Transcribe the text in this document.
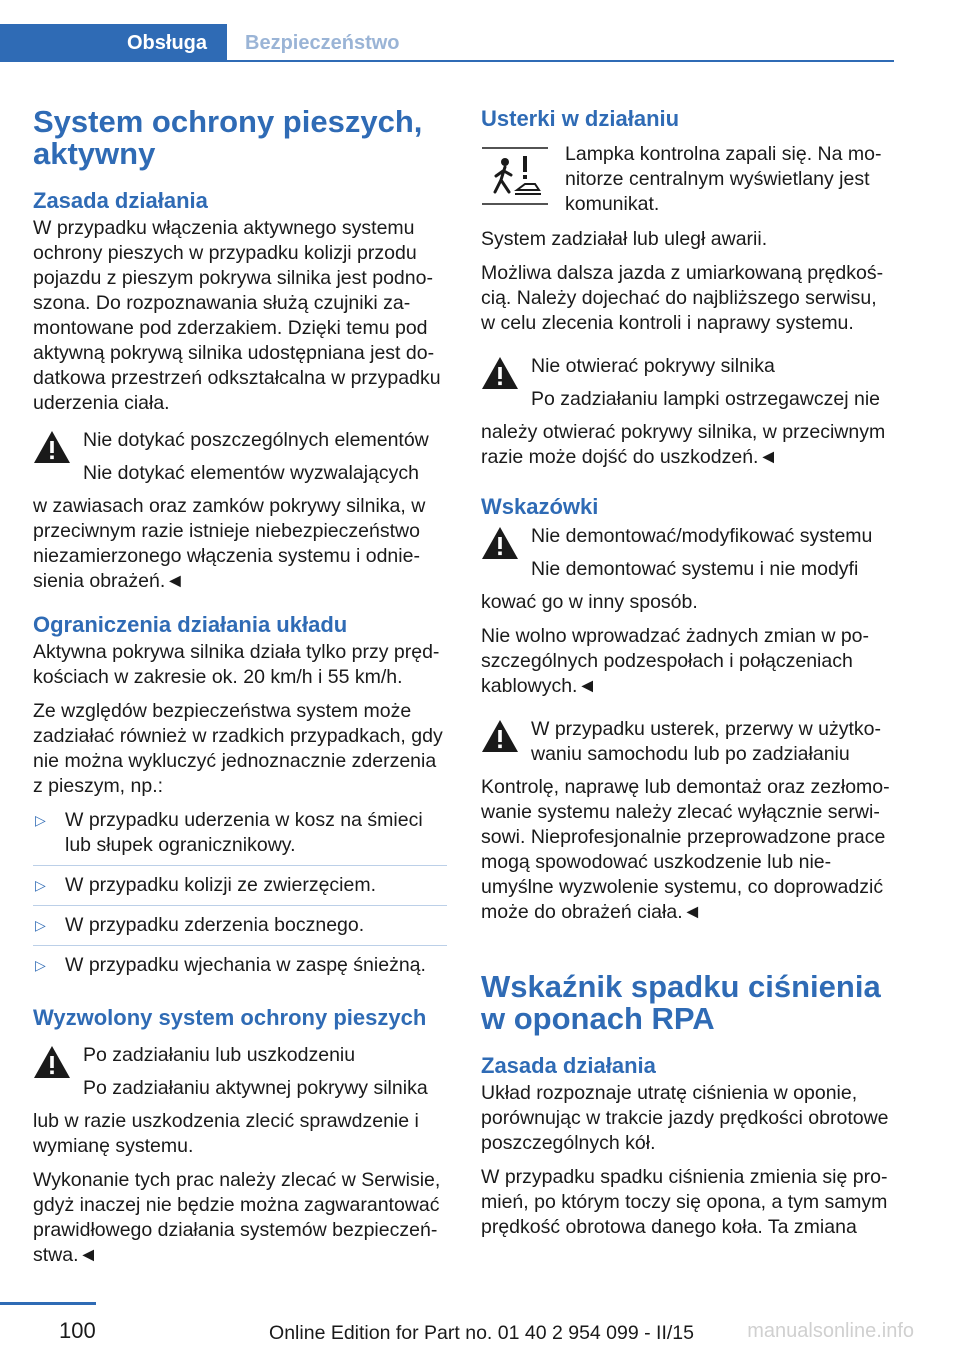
Obsługa	Bezpieczeństwo
System ochrony pieszych, aktywny
Zasada działania

W przypadku włączenia aktywnego systemu ochrony pieszych w przypadku kolizji przodu pojazdu z pieszym pokrywa silnika jest podnoszona. Do rozpoznawania służą czujniki zamontowane pod zderzakiem. Dzięki temu pod aktywną pokrywą silnika udostępniana jest dodatkowa przestrzeń odkształcalna w przypadku uderzenia ciała.

Nie dotykać poszczególnych elementów

Nie dotykać elementów wyzwalających

w zawiasach oraz zamków pokrywy silnika, w przeciwnym razie istnieje niebezpieczeństwo niezamierzonego włączenia systemu i odniesienia obrażeń.◄

Ograniczenia działania układu

Aktywna pokrywa silnika działa tylko przy prędkościach w zakresie ok. 20 km/h i 55 km/h.

Ze względów bezpieczeństwa system może zadziałać również w rzadkich przypadkach, gdy nie można wykluczyć jednoznacznie zderzenia z pieszym, np.:

▷ W przypadku uderzenia w kosz na śmieci lub słupek ogranicznikowy.
▷ W przypadku kolizji ze zwierzęciem.
▷ W przypadku zderzenia bocznego.
▷ W przypadku wjechania w zaspę śnieżną.
Wyzwolony system ochrony pieszych

Po zadziałaniu lub uszkodzeniu

Po zadziałaniu aktywnej pokrywy silnika

lub w razie uszkodzenia zlecić sprawdzenie i wymianę systemu.

Wykonanie tych prac należy zlecać w Serwisie, gdyż inaczej nie będzie można zagwarantować prawidłowego działania systemów bezpieczeństwa.◄

Usterki w działaniu

Lampka kontrolna zapali się. Na monitorze centralnym wyświetlany jest komunikat.

System zadziałał lub uległ awarii.

Możliwa dalsza jazda z umiarkowaną prędkością. Należy dojechać do najbliższego serwisu, w celu zlecenia kontroli i naprawy systemu.

Nie otwierać pokrywy silnika

Po zadziałaniu lampki ostrzegawczej nie

należy otwierać pokrywy silnika, w przeciwnym razie może dojść do uszkodzeń.◄

Wskazówki

Nie demontować/modyfikować systemu

Nie demontować systemu i nie modyfi

kować go w inny sposób.

Nie wolno wprowadzać żadnych zmian w poszczególnych podzespołach i połączeniach kablowych.◄

W przypadku usterek, przerwy w użytkowaniu samochodu lub po zadziałaniu

Kontrolę, naprawę lub demontaż oraz zezłomowanie systemu należy zlecać wyłącznie serwisowi. Nieprofesjonalnie przeprowadzone prace mogą spowodować uszkodzenie lub nieumyślne wyzwolenie systemu, co doprowadzić może do obrażeń ciała.◄

Wskaźnik spadku ciśnienia w oponach RPA
Zasada działania

Układ rozpoznaje utratę ciśnienia w oponie, porównując w trakcie jazdy prędkości obrotowe poszczególnych kół.

W przypadku spadku ciśnienia zmienia się promień, po którym toczy się opona, a tym samym prędkość obrotowa danego koła. Ta zmiana

100	Online Edition for Part no. 01 40 2 954 099 - II/15	manualsonline.info
